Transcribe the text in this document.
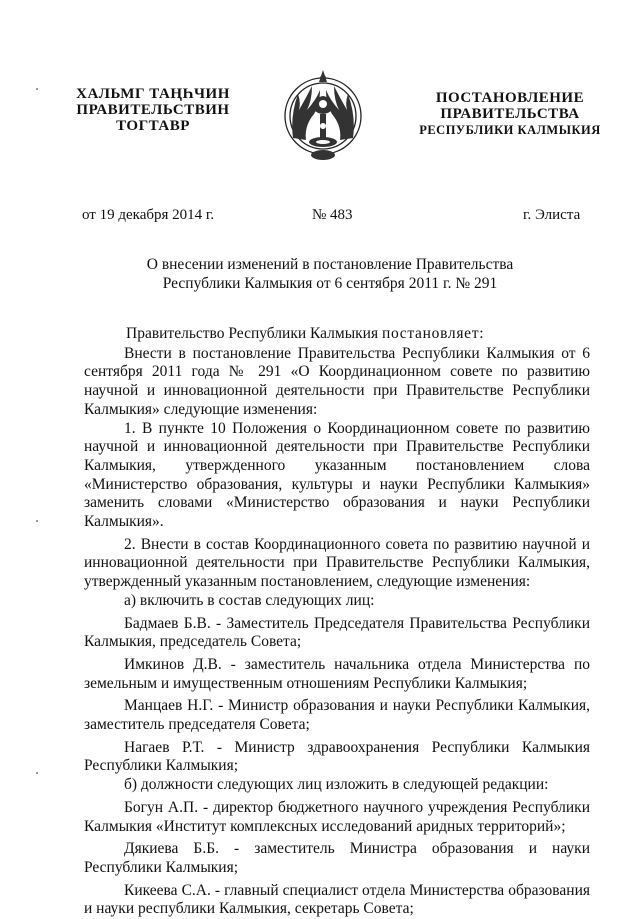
ХАЛЬМГ ТАҢҺЧИН
ПРАВИТЕЛЬСТВИН
ТОГТАВР
ПОСТАНОВЛЕНИЕ
ПРАВИТЕЛЬСТВА
РЕСПУБЛИКИ КАЛМЫКИЯ
от 19 декабря 2014 г.	№ 483	г. Элиста
О внесении изменений в постановление Правительства
Республики Калмыкия от 6 сентября 2011 г. № 291

Правительство Республики Калмыкия постановляет:

Внести в постановление Правительства Республики Калмыкия от 6 сентября 2011 года № 291 «О Координационном совете по развитию научной и инновационной деятельности при Правительстве Республики Калмыкия» следующие изменения:

1. В пункте 10 Положения о Координационном совете по развитию научной и инновационной деятельности при Правительстве Республики Калмыкия, утвержденного указанным постановлением слова «Министерство образования, культуры и науки Республики Калмыкия» заменить словами «Министерство образования и науки Республики Калмыкия».

2. Внести в состав Координационного совета по развитию научной и инновационной деятельности при Правительстве Республики Калмыкия, утвержденный указанным постановлением, следующие изменения:

а) включить в состав следующих лиц:

Бадмаев Б.В. - Заместитель Председателя Правительства Республики Калмыкия, председатель Совета;

Имкинов Д.В. - заместитель начальника отдела Министерства по земельным и имущественным отношениям Республики Калмыкия;

Манцаев Н.Г. - Министр образования и науки Республики Калмыкия, заместитель председателя Совета;

Нагаев Р.Т. - Министр здравоохранения Республики Калмыкия Республики Калмыкия;

б) должности следующих лиц изложить в следующей редакции:

Богун А.П. - директор бюджетного научного учреждения Республики Калмыкия «Институт комплексных исследований аридных территорий»;

Дякиева Б.Б. - заместитель Министра образования и науки Республики Калмыкия;

Кикеева С.А. - главный специалист отдела Министерства образования и науки республики Калмыкия, секретарь Совета;
